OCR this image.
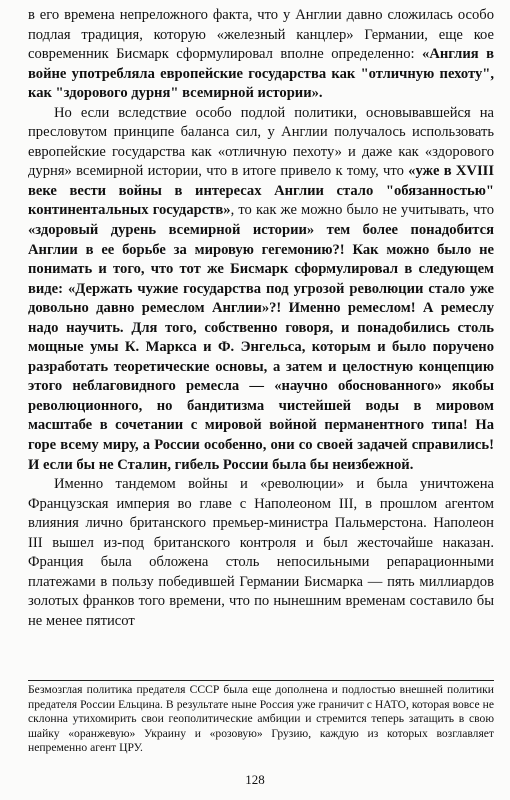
в его времена непреложного факта, что у Англии давно сложилась особо подлая традиция, которую «железный канцлер» Германии, еще кое современник Бисмарк сформулировал вполне определенно: «Англия в войне употребляла европейские государства как "отличную пехоту", как "здорового дурня" всемирной истории».

Но если вследствие особо подлой политики, основывавшейся на пресловутом принципе баланса сил, у Англии получалось использовать европейские государства как «отличную пехоту» и даже как «здорового дурня» всемирной истории, что в итоге привело к тому, что «уже в XVIII веке вести войны в интересах Англии стало "обязанностью" континентальных государств», то как же можно было не учитывать, что «здоровый дурень всемирной истории» тем более понадобится Англии в ее борьбе за мировую гегемонию?! Как можно было не понимать и того, что тот же Бисмарк сформулировал в следующем виде: «Держать чужие государства под угрозой революции стало уже довольно давно ремеслом Англии»?! Именно ремеслом! А ремеслу надо научить. Для того, собственно говоря, и понадобились столь мощные умы К. Маркса и Ф. Энгельса, которым и было поручено разработать теоретические основы, а затем и целостную концепцию этого неблаговидного ремесла — «научно обоснованного» якобы революционного, но бандитизма чистейшей воды в мировом масштабе в сочетании с мировой войной перманентного типа! На горе всему миру, а России особенно, они со своей задачей справились! И если бы не Сталин, гибель России была бы неизбежной.

Именно тандемом войны и «революции» и была уничтожена Французская империя во главе с Наполеоном III, в прошлом агентом влияния лично британского премьер-министра Пальмерстона. Наполеон III вышел из-под британского контроля и был жесточайше наказан. Франция была обложена столь непосильными репарационными платежами в пользу победившей Германии Бисмарка — пять миллиардов золотых франков того времени, что по нынешним временам составило бы не менее пятисот

Безмозглая политика предателя СССР была еще дополнена и подлостью внешней политики предателя России Ельцина. В результате ныне Россия уже граничит с НАТО, которая вовсе не склонна утихомирить свои геополитические амбиции и стремится теперь затащить в свою шайку «оранжевую» Украину и «розовую» Грузию, каждую из которых возглавляет непременно агент ЦРУ.

128
